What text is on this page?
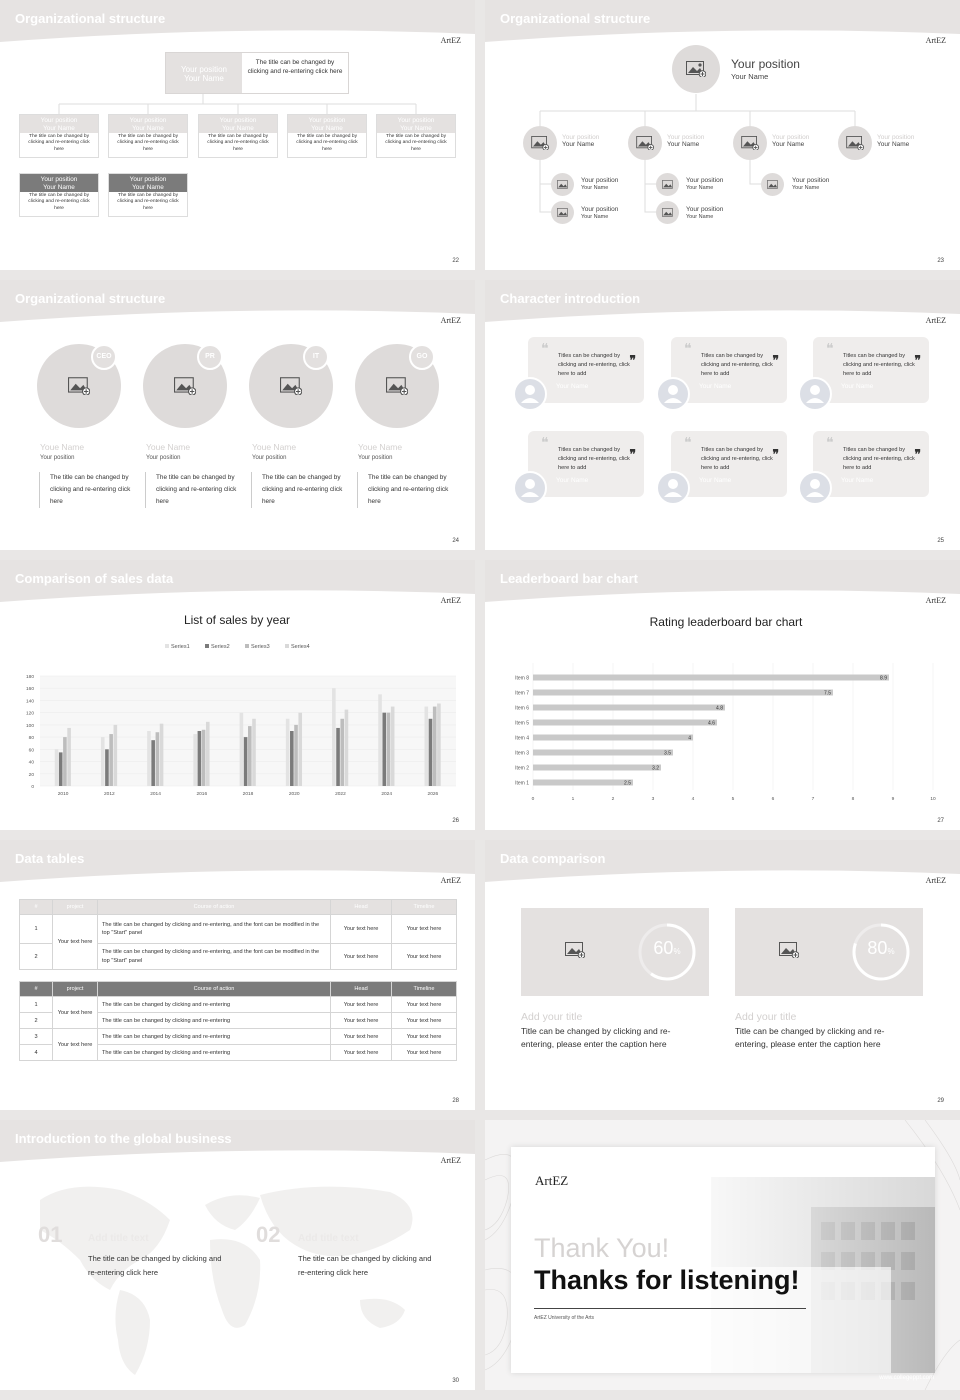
Organizational structure
ArtEZ
Your position
Your Name
The title can be changed by clicking and re-entering click here
Your position
Your Name
The title can be changed by clicking and re-entering click here
Your position
Your Name
The title can be changed by clicking and re-entering click here
Your position
Your Name
The title can be changed by clicking and re-entering click here
Your position
Your Name
The title can be changed by clicking and re-entering click here
Your position
Your Name
The title can be changed by clicking and re-entering click here
Your position
Your Name
The title can be changed by clicking and re-entering click here
Your position
Your Name
The title can be changed by clicking and re-entering click here
22
Organizational structure
ArtEZ
Your position
Your Name
Your position
Your Name
Your position
Your Name
Your position
Your Name
Your position
Your Name
Your position
Your Name
Your position
Your Name
Your position
Your Name
Your position
Your Name
Your position
Your Name
23
Organizational structure
ArtEZ
CEO
Youe Name
Your position
The title can be changed by clicking and re-entering click here
PR
Youe Name
Your position
The title can be changed by clicking and re-entering click here
IT
Youe Name
Your position
The title can be changed by clicking and re-entering click here
GO
Youe Name
Your position
The title can be changed by clicking and re-entering click here
24
Character introduction
ArtEZ
❝
❞
Titles can be changed by clicking and re-entering, click here to add
Your Name
❝
❞
Titles can be changed by clicking and re-entering, click here to add
Your Name
❝
❞
Titles can be changed by clicking and re-entering, click here to add
Your Name
❝
❞
Titles can be changed by clicking and re-entering, click here to add
Your Name
❝
❞
Titles can be changed by clicking and re-entering, click here to add
Your Name
❝
❞
Titles can be changed by clicking and re-entering, click here to add
Your Name
25
Comparison of sales data
ArtEZ
List of sales by year
Series1	Series2	Series3	Series4
0
20
40
60
80
100
120
140
160
180
2010	2012	2014	2016	2018	2020	2022	2024	2026
26
Leaderboard bar chart
ArtEZ
Rating leaderboard bar chart
0	1	2	3	4	5	6	7	8	9	10
Item 1	2.5
Item 2	3.2
Item 3	3.5
Item 4	4
Item 5	4.6
Item 6	4.8
Item 7	7.5
Item 8	8.9
27
Data tables
ArtEZ
#	project	Course of action	Head	Timeline
1	Your text here	The title can be changed by clicking and re-entering, and the font can be modified in the top "Start" panel	Your text here	Your text here
2		The title can be changed by clicking and re-entering, and the font can be modified in the top "Start" panel	Your text here	Your text here
#	project	Course of action	Head	Timeline
1	Your text here	The title can be changed by clicking and re-entering	Your text here	Your text here
2		The title can be changed by clicking and re-entering	Your text here	Your text here
3	Your text here	The title can be changed by clicking and re-entering	Your text here	Your text here
4		The title can be changed by clicking and re-entering	Your text here	Your text here
28
Data comparison
ArtEZ
60%
Add your title
Title can be changed by clicking and re-entering, please enter the caption here
80%
Add your title
Title can be changed by clicking and re-entering, please enter the caption here
29
Introduction to the global business
ArtEZ
01	Add title text
The title can be changed by clicking and re-entering click here
02 Add title text
The title can be changed by clicking and re-entering click here
30
ArtEZ
Thank You!
Thanks for listening!
ArtEZ University of the Arts
www.collegeppt.com
